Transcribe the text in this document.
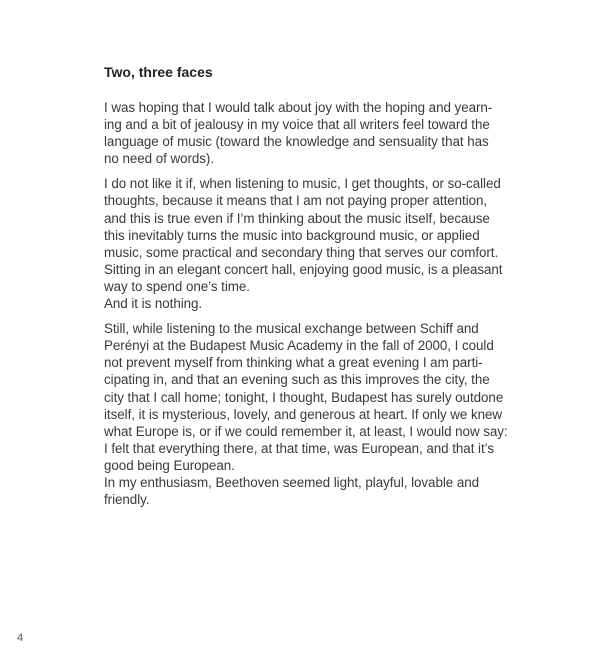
Two, three faces

I was hoping that I would talk about joy with the hoping and yearn-
ing and a bit of jealousy in my voice that all writers feel toward the
language of music (toward the knowledge and sensuality that has
no need of words).

I do not like it if, when listening to music, I get thoughts, or so-called
thoughts, because it means that I am not paying proper attention,
and this is true even if I’m thinking about the music itself, because
this inevitably turns the music into background music, or applied
music, some practical and secondary thing that serves our comfort.
Sitting in an elegant concert hall, enjoying good music, is a pleasant
way to spend one’s time.
And it is nothing.

Still, while listening to the musical exchange between Schiff and
Perényi at the Budapest Music Academy in the fall of 2000, I could
not prevent myself from thinking what a great evening I am parti-
cipating in, and that an evening such as this improves the city, the
city that I call home; tonight, I thought, Budapest has surely outdone
itself, it is mysterious, lovely, and generous at heart. If only we knew
what Europe is, or if we could remember it, at least, I would now say:
I felt that everything there, at that time, was European, and that it’s
good being European.
In my enthusiasm, Beethoven seemed light, playful, lovable and
friendly.

4
